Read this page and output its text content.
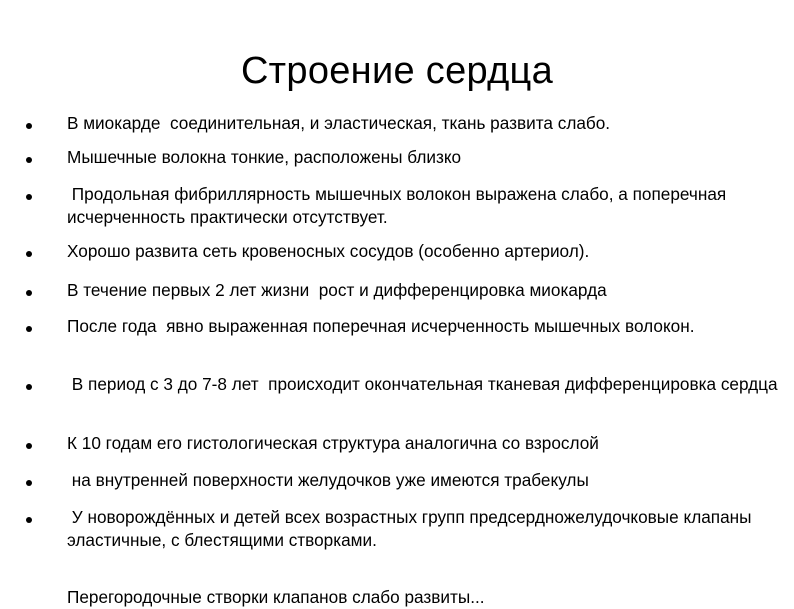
Строение сердца
В миокарде  соединительная, и эластическая, ткань развита слабо.
Мышечные волокна тонкие, расположены близко
Продольная фибриллярность мышечных волокон выражена слабо, а поперечная исчерченность практически отсутствует.
Хорошо развита сеть кровеносных сосудов (особенно артериол).
В течение первых 2 лет жизни  рост и дифференцировка миокарда
После года  явно выраженная поперечная исчерченность мышечных волокон.
В период с 3 до 7-8 лет  происходит окончательная тканевая дифференцировка сердца
К 10 годам его гистологическая структура аналогична со взрослой
на внутренней поверхности желудочков уже имеются трабекулы
У новорождённых и детей всех возрастных групп предсердножелудочковые клапаны эластичные, с блестящими створками.
Перегородочные створки клапанов слабо развиты...
